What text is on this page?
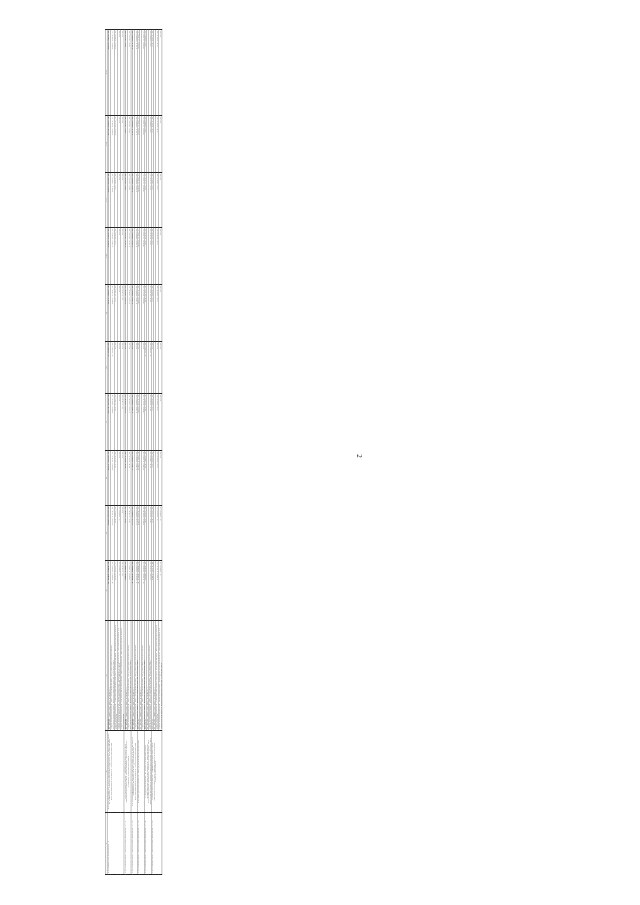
2
1	2	3	4	5	6	7	8	9	10	11	12	13
Подпрограмма 1	Реализация государственной политики в сфере экономического развития муниципальных образований	всего	5 545 762,3	580 079,0	831 279,3	814 979,4	3 220,0	831 306,4	782 765,6	697 070,8	814 686,4	823 302,9
		в том числе по ГРБС:										
		Департамент по развитию муниципальных образований Воронежской области	4 880 980,9	679 164,6	860 237,3	808 962,4	3 220,0	805 742,4	746 926,6	681 306,8	586 593,1	586 593,1
		Департамент экономического развития Воронежской области	639 866,1	94 606,0	31 012,0	37 210,0	0,0	17 210,0	15 839,0	16 457,0	228 073,3	236 609,8
		Департамент жилищно-коммунального хозяйства и энергетики Воронежской области	7 209,3	7 209,3	0,0	0,0	0,0	0,0	0,0	0,0	0,0	0,0
		Департамент строительной политики Воронежской области	8 743,0	0,0	0,0	8 743,0	0,0	8 743,0	0,0	0,0	0,0	0,0
Основное мероприятие 1.1	Повышение эффективности деятельности органов местного самоуправления	всего	399 150,1	35 744,4	64 651,0	116 354,7	0,0	116 354,7	123 475,0	26 475,0	26 475,0	26 475,0
		в том числе по ГРБС:										
		Департамент по развитию муниципальных образований Воронежской области	399 150,1	35 744,4	64 651,0	116 354,7	0,0	116 354,7	123 475,0	26 475,0	26 475,0	26 475,0
Основное мероприятие 1.2	Проведение мониторинга и оценки эффективности развития муниципальных образований	всего	1 022 200,0	112 000,0	140 900,0	148 800,0	0,0	148 800,0	158 800,0	158 800,0	151 000,0	151 000,0
		в том числе по ГРБС:										
		Департамент по развитию муниципальных образований Воронежской области	1 022 200,0	112 000,0	140 900,0	148 800,0	0,0	148 800,0	158 800,0	158 800,0	151 000,0	151 000,0
Основное мероприятие 1.3	Инициативное бюджетирование	всего	3 158 298,3	505 064,2	540 190,4	456 571,3	0,0	456 571,3	429 118,1	429 118,1	399 118,1	399 118,1
		в том числе по ГРБС:										
		Департамент по развитию муниципальных образований Воронежской области	3 158 298,3	505 064,2	540 190,4	456 571,3	0,0	456 571,3	429 118,1	429 118,1	399 118,1	399 118,1
Основное мероприятие 1.4	Содействие в обустройстве административных центров муниципальных образований на территории Воронежской области	всего	310 335,5	45 955,0	54 405,9	87 226,4	3 220,0	84 016,4	35 533,5	67 113,7	10 000,0	10 000,0
		в том числе по ГРБС:										
		Департамент по развитию муниципальных образований Воронежской области	310 335,5	45 955,0	54 405,9	87 226,4	3 220,0	84 016,4	35 533,5	67 113,7	10 000,0	10 000,0
Основное мероприятие 1.5	Обеспечение эффективности деятельности администраций поселений	всего	107 371,0	14 778,0	15 093,0	15 962,0	0,0	15 962,0	15 839,0	16 457,0	14 661,0	14 661,0
		в том числе по ГРБС:										
		Департамент экономического развития Воронежской области	100 161,7	7 569,7	15 093,0	15 962,0	0,0	15 962,0	15 839,0	16 457,0	14 661,0	14 661,0
		Департамент жилищно-коммунального хозяйства и энергетики Воронежской области	7 209,3	7 209,3	0,0	0,0	0,0	0,0	0,0	0,0	0,0	0,0
